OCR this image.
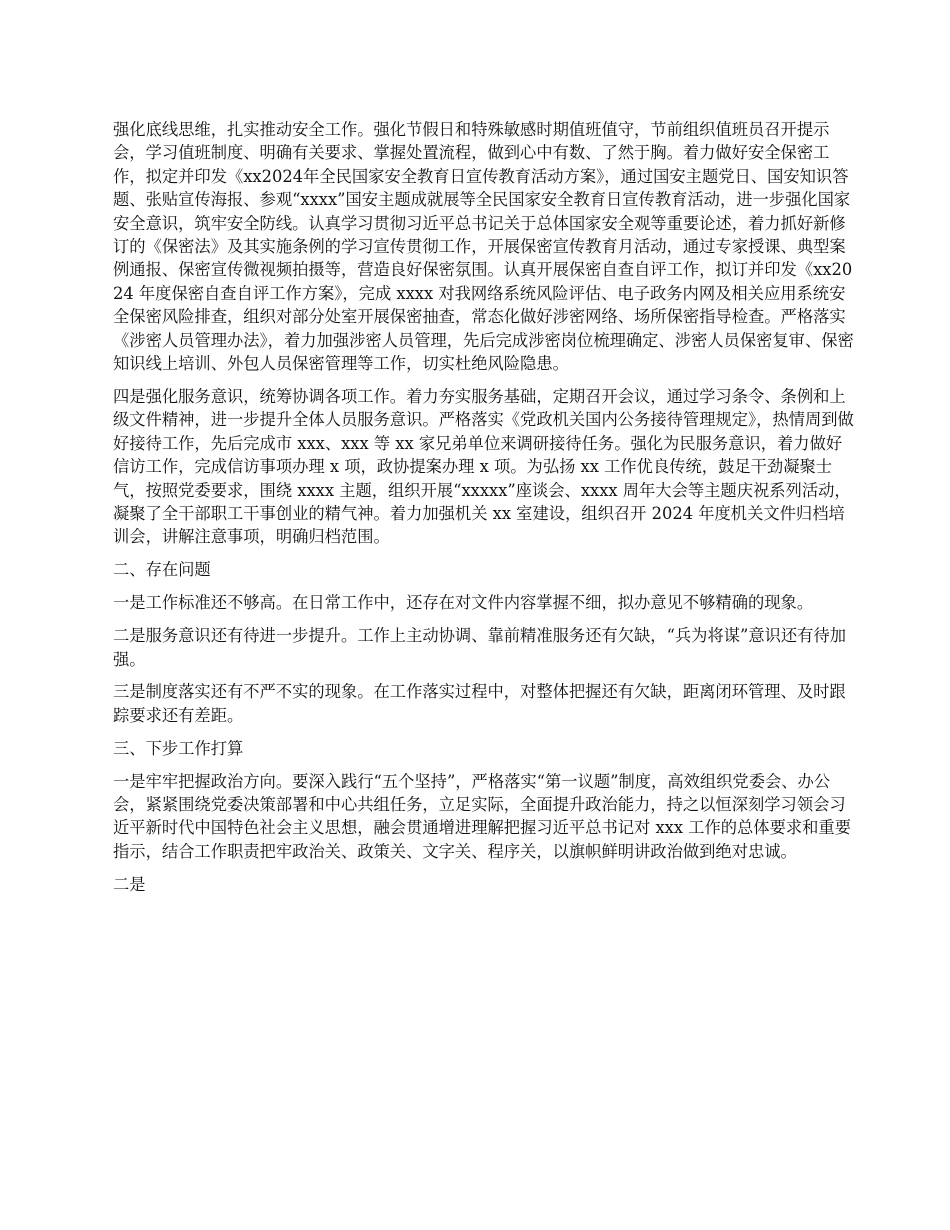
强化底线思维，扎实推动安全工作。强化节假日和特殊敏感时期值班值守，节前组织值班员召开提示会，学习值班制度、明确有关要求、掌握处置流程，做到心中有数、了然于胸。着力做好安全保密工作，拟定并印发《xx2024年全民国家安全教育日宣传教育活动方案》，通过国安主题党日、国安知识答题、张贴宣传海报、参观“xxxx”国安主题成就展等全民国家安全教育日宣传教育活动，进一步强化国家安全意识，筑牢安全防线。认真学习贯彻习近平总书记关于总体国家安全观等重要论述，着力抓好新修订的《保密法》及其实施条例的学习宣传贯彻工作，开展保密宣传教育月活动，通过专家授课、典型案例通报、保密宣传微视频拍摄等，营造良好保密氛围。认真开展保密自查自评工作，拟订并印发《xx2024 年度保密自查自评工作方案》，完成 xxxx 对我网络系统风险评估、电子政务内网及相关应用系统安全保密风险排查，组织对部分处室开展保密抽查，常态化做好涉密网络、场所保密指导检查。严格落实《涉密人员管理办法》，着力加强涉密人员管理，先后完成涉密岗位梳理确定、涉密人员保密复审、保密知识线上培训、外包人员保密管理等工作，切实杜绝风险隐患。

四是强化服务意识，统筹协调各项工作。着力夯实服务基础，定期召开会议，通过学习条令、条例和上级文件精神，进一步提升全体人员服务意识。严格落实《党政机关国内公务接待管理规定》，热情周到做好接待工作，先后完成市 xxx、xxx 等 xx 家兄弟单位来调研接待任务。强化为民服务意识，着力做好信访工作，完成信访事项办理 x 项，政协提案办理 x 项。为弘扬 xx 工作优良传统，鼓足干劲凝聚士气，按照党委要求，围绕 xxxx 主题，组织开展“xxxxx”座谈会、xxxx 周年大会等主题庆祝系列活动，凝聚了全干部职工干事创业的精气神。着力加强机关 xx 室建设，组织召开 2024 年度机关文件归档培训会，讲解注意事项，明确归档范围。

二、存在问题

一是工作标准还不够高。在日常工作中，还存在对文件内容掌握不细，拟办意见不够精确的现象。

二是服务意识还有待进一步提升。工作上主动协调、靠前精准服务还有欠缺，“兵为将谋”意识还有待加强。

三是制度落实还有不严不实的现象。在工作落实过程中，对整体把握还有欠缺，距离闭环管理、及时跟踪要求还有差距。

三、下步工作打算

一是牢牢把握政治方向。要深入践行“五个坚持”，严格落实“第一议题”制度，高效组织党委会、办公会，紧紧围绕党委决策部署和中心共组任务，立足实际，全面提升政治能力，持之以恒深刻学习领会习近平新时代中国特色社会主义思想，融会贯通增进理解把握习近平总书记对 xxx 工作的总体要求和重要指示，结合工作职责把牢政治关、政策关、文字关、程序关，以旗帜鲜明讲政治做到绝对忠诚。

二是
